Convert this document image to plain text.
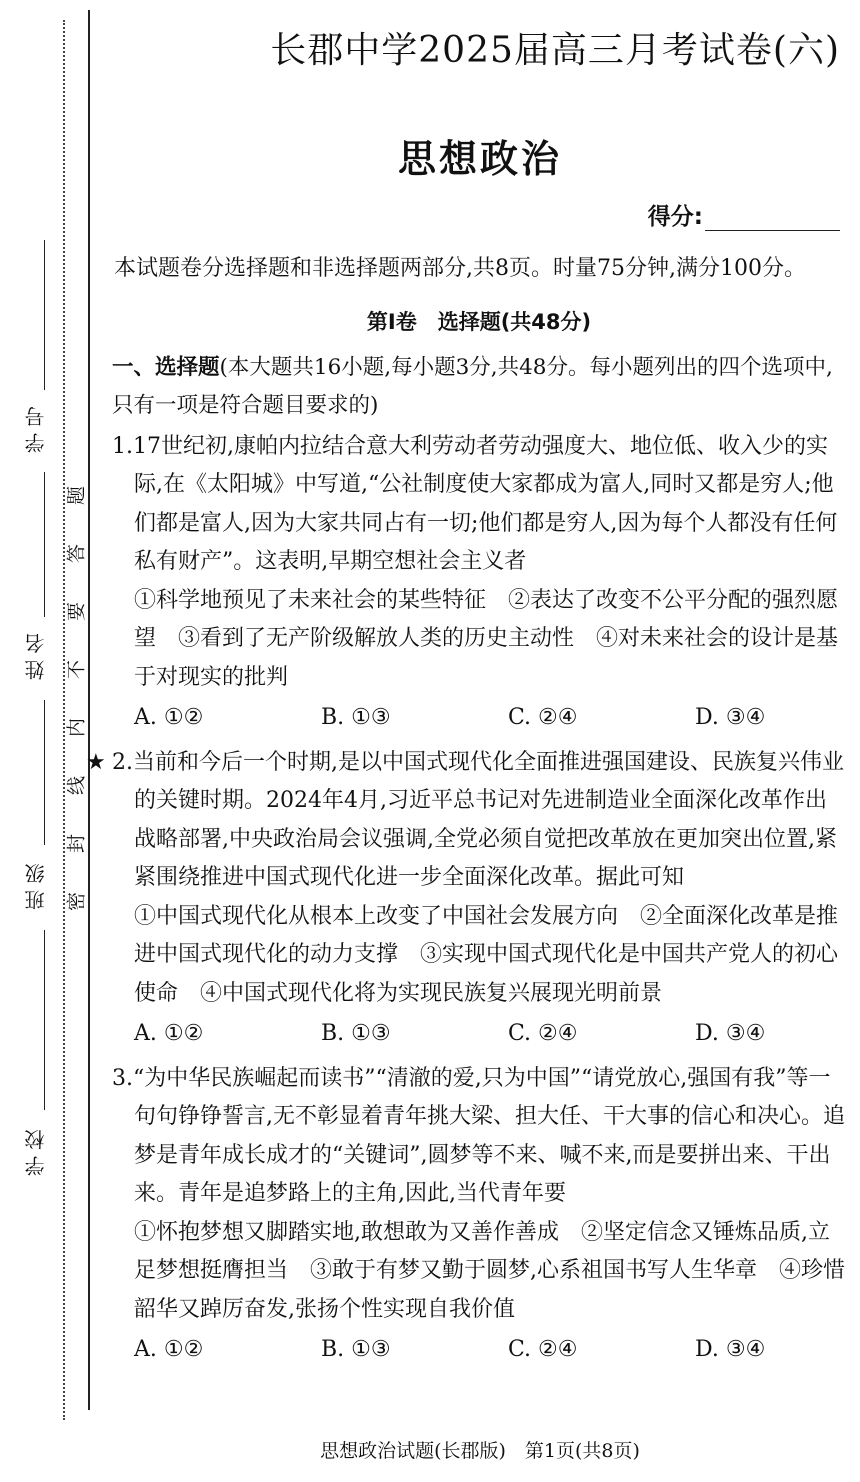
学 号
姓 名
班 级
学 校
密
封
线
内
不
要
答
题
长郡中学2025届高三月考试卷(六)
思想政治
得分:
本试题卷分选择题和非选择题两部分,共8页。时量75分钟,满分100分。
第Ⅰ卷　选择题(共48分)
一、选择题(本大题共16小题,每小题3分,共48分。每小题列出的四个选项中,只有一项是符合题目要求的)
1.17世纪初,康帕内拉结合意大利劳动者劳动强度大、地位低、收入少的实际,在《太阳城》中写道,“公社制度使大家都成为富人,同时又都是穷人;他们都是富人,因为大家共同占有一切;他们都是穷人,因为每个人都没有任何私有财产”。这表明,早期空想社会主义者
①科学地预见了未来社会的某些特征　②表达了改变不公平分配的强烈愿望　③看到了无产阶级解放人类的历史主动性　④对未来社会的设计是基于对现实的批判
A. ①②	B. ①③	C. ②④	D. ③④
★ 2.当前和今后一个时期,是以中国式现代化全面推进强国建设、民族复兴伟业的关键时期。2024年4月,习近平总书记对先进制造业全面深化改革作出战略部署,中央政治局会议强调,全党必须自觉把改革放在更加突出位置,紧紧围绕推进中国式现代化进一步全面深化改革。据此可知
①中国式现代化从根本上改变了中国社会发展方向　②全面深化改革是推进中国式现代化的动力支撑　③实现中国式现代化是中国共产党人的初心使命　④中国式现代化将为实现民族复兴展现光明前景
A. ①②	B. ①③	C. ②④	D. ③④
3.“为中华民族崛起而读书”“清澈的爱,只为中国”“请党放心,强国有我”等一句句铮铮誓言,无不彰显着青年挑大梁、担大任、干大事的信心和决心。追梦是青年成长成才的“关键词”,圆梦等不来、喊不来,而是要拼出来、干出来。青年是追梦路上的主角,因此,当代青年要
①怀抱梦想又脚踏实地,敢想敢为又善作善成　②坚定信念又锤炼品质,立足梦想挺膺担当　③敢于有梦又勤于圆梦,心系祖国书写人生华章　④珍惜韶华又踔厉奋发,张扬个性实现自我价值
A. ①②	B. ①③	C. ②④	D. ③④
思想政治试题(长郡版)　第1页(共8页)
